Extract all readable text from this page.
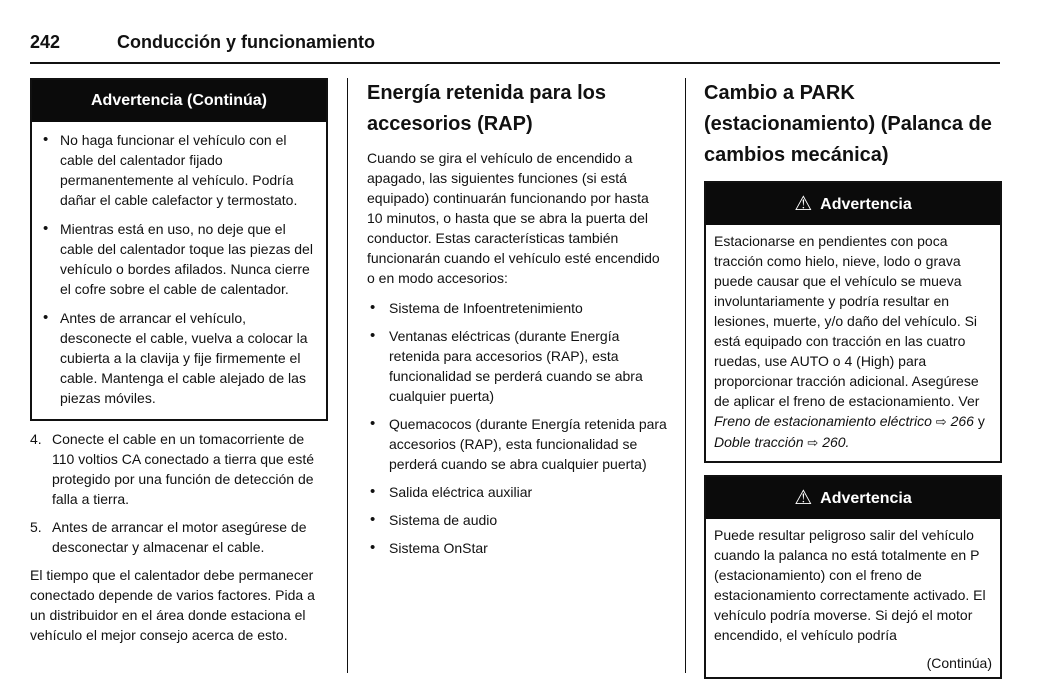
242	Conducción y funcionamiento
Advertencia (Continúa)
• No haga funcionar el vehículo con el cable del calentador fijado permanentemente al vehículo. Podría dañar el cable calefactor y termostato.
• Mientras está en uso, no deje que el cable del calentador toque las piezas del vehículo o bordes afilados. Nunca cierre el cofre sobre el cable de calentador.
• Antes de arrancar el vehículo, desconecte el cable, vuelva a colocar la cubierta a la clavija y fije firmemente el cable. Mantenga el cable alejado de las piezas móviles.
4. Conecte el cable en un tomacorriente de 110 voltios CA conectado a tierra que esté protegido por una función de detección de falla a tierra.
5. Antes de arrancar el motor asegúrese de desconectar y almacenar el cable.

El tiempo que el calentador debe permanecer conectado depende de varios factores. Pida a un distribuidor en el área donde estaciona el vehículo el mejor consejo acerca de esto.

Energía retenida para los accesorios (RAP)

Cuando se gira el vehículo de encendido a apagado, las siguientes funciones (si está equipado) continuarán funcionando por hasta 10 minutos, o hasta que se abra la puerta del conductor. Estas características también funcionarán cuando el vehículo esté encendido o en modo accesorios:

• Sistema de Infoentretenimiento
• Ventanas eléctricas (durante Energía retenida para accesorios (RAP), esta funcionalidad se perderá cuando se abra cualquier puerta)
• Quemacocos (durante Energía retenida para accesorios (RAP), esta funcionalidad se perderá cuando se abra cualquier puerta)
• Salida eléctrica auxiliar
• Sistema de audio
• Sistema OnStar
Cambio a PARK (estacionamiento) (Palanca de cambios mecánica)
⚠ Advertencia
Estacionarse en pendientes con poca tracción como hielo, nieve, lodo o grava puede causar que el vehículo se mueva involuntariamente y podría resultar en lesiones, muerte, y/o daño del vehículo. Si está equipado con tracción en las cuatro ruedas, use AUTO o 4 (High) para proporcionar tracción adicional. Asegúrese de aplicar el freno de estacionamiento. Ver Freno de estacionamiento eléctrico ⇨ 266 y Doble tracción ⇨ 260.
⚠ Advertencia
Puede resultar peligroso salir del vehículo cuando la palanca no está totalmente en P (estacionamiento) con el freno de estacionamiento correctamente activado. El vehículo podría moverse. Si dejó el motor encendido, el vehículo podría
(Continúa)
